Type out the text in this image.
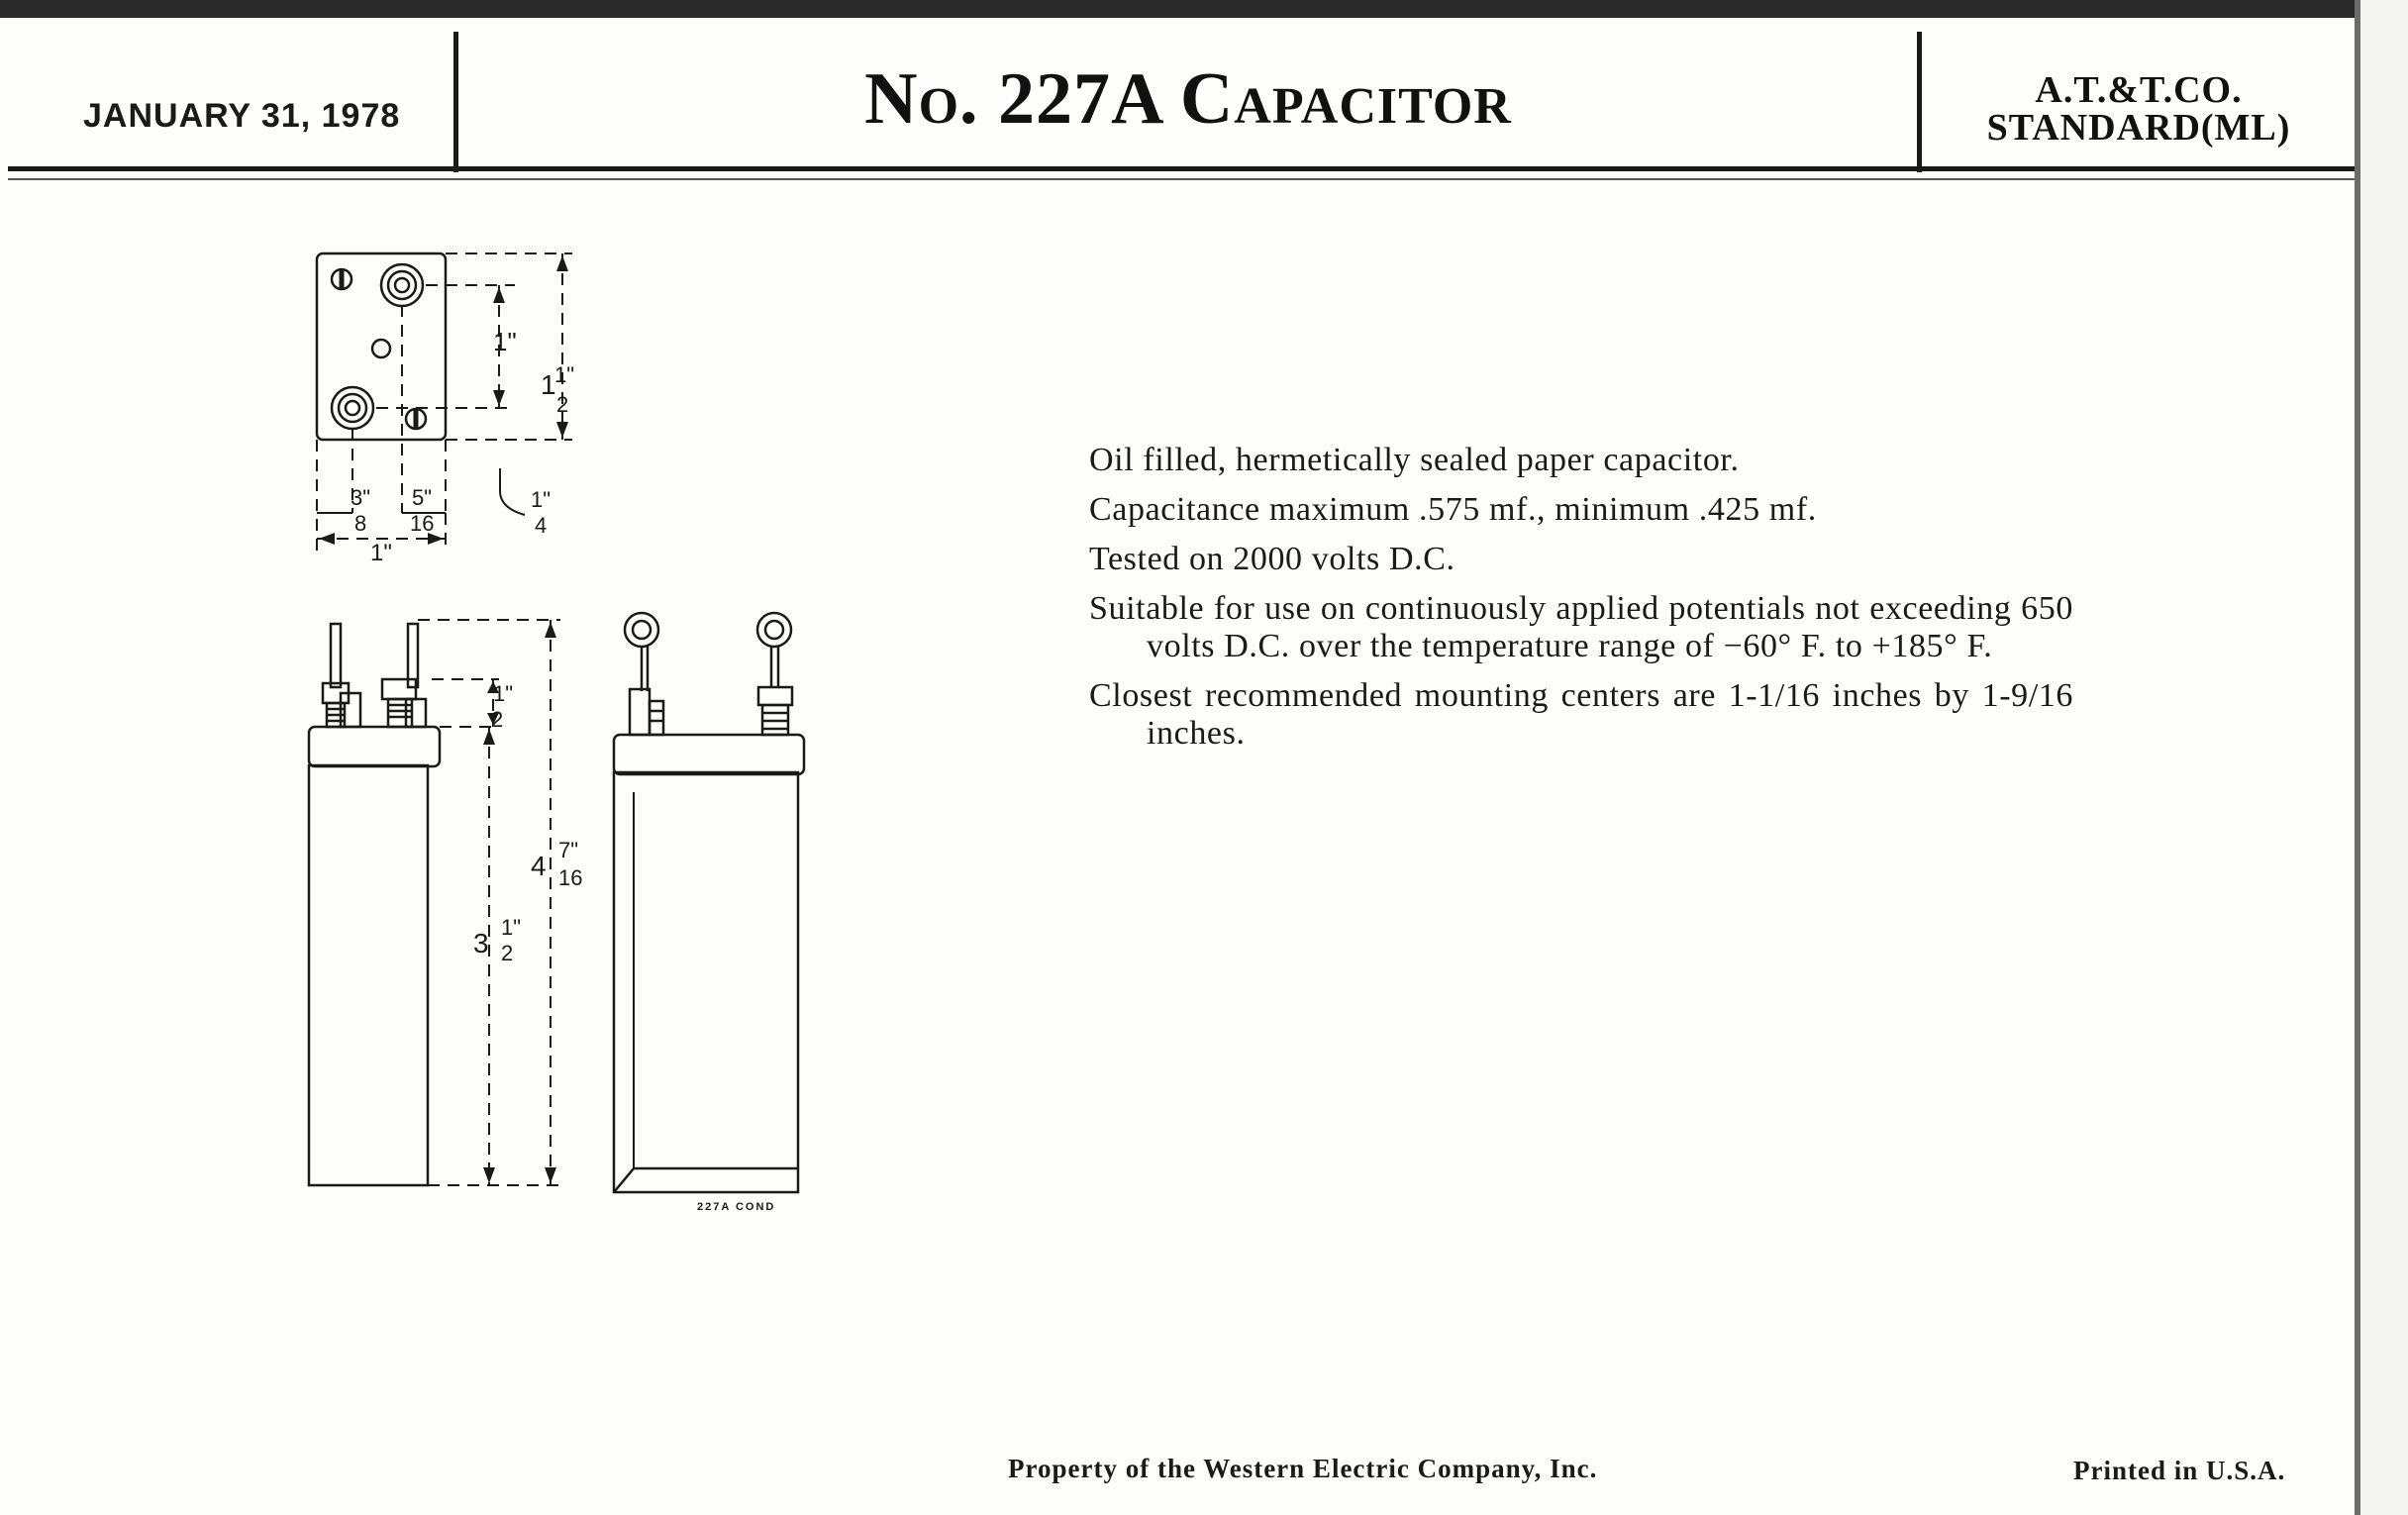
JANUARY 31, 1978	No. 227A Capacitor	A.T.&T.CO.
STANDARD(ML)
1"
1
1"
2
3"
8
5"
16
1"
4
1"
1"
2
4
7"
16
3
1"
2
227A COND

Oil filled, hermetically sealed paper capacitor.

Capacitance maximum .575 mf., minimum .425 mf.

Tested on 2000 volts D.C.

Suitable for use on continuously applied potentials not exceeding 650 volts D.C. over the temperature range of −60° F. to +185° F.

Closest recommended mounting centers are 1-1/16 inches by 1-9/16 inches.

Property of the Western Electric Company, Inc.	Printed in U.S.A.
